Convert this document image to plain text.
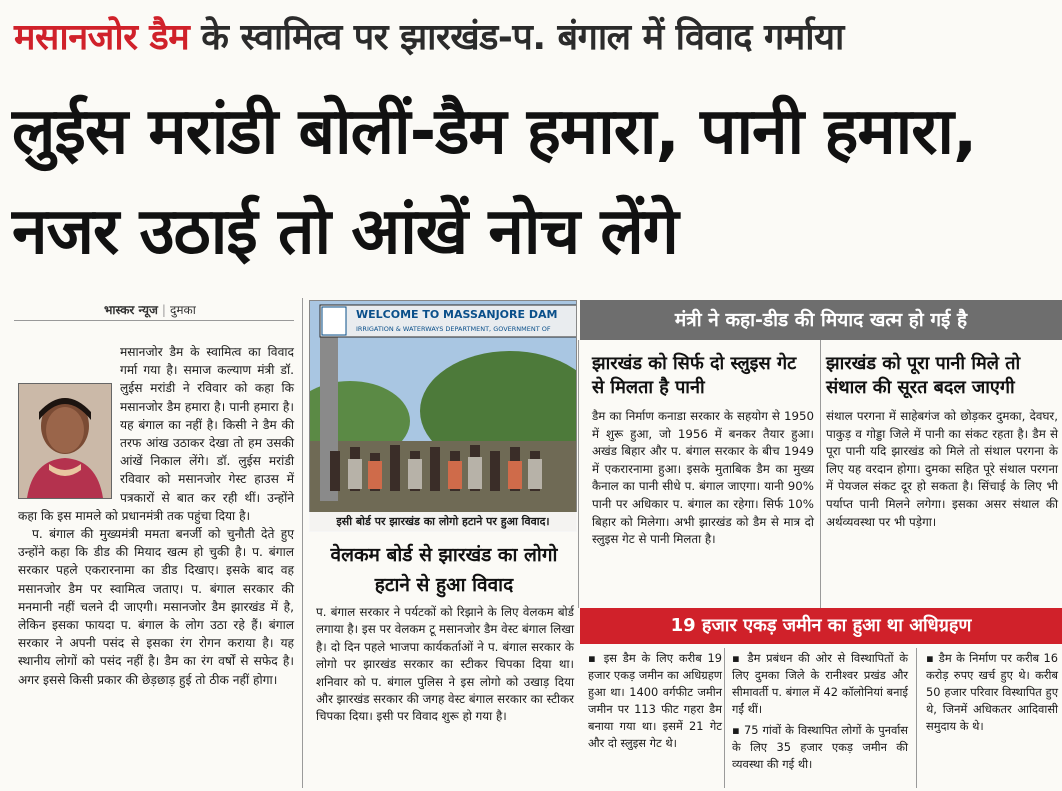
मसानजोर डैम के स्वामित्व पर झारखंड-प. बंगाल में विवाद गर्माया
लुईस मरांडी बोलीं-डैम हमारा, पानी हमारा, नजर उठाई तो आंखें नोच लेंगे
भास्कर न्यूज | दुमका

मसानजोर डैम के स्वामित्व का विवाद गर्मा गया है। समाज कल्याण मंत्री डॉ. लुईस मरांडी ने रविवार को कहा कि मसानजोर डैम हमारा है। पानी हमारा है। यह बंगाल का नहीं है। किसी ने डैम की तरफ आंख उठाकर देखा तो हम उसकी आंखें निकाल लेंगे। डॉ. लुईस मरांडी रविवार को मसानजोर गेस्ट हाउस में पत्रकारों से बात कर रही थीं। उन्होंने कहा कि इस मामले को प्रधानमंत्री तक पहुंचा दिया है।

प. बंगाल की मुख्यमंत्री ममता बनर्जी को चुनौती देते हुए उन्होंने कहा कि डीड की मियाद खत्म हो चुकी है। प. बंगाल सरकार पहले एकरारनामा का डीड दिखाए। इसके बाद वह मसानजोर डैम पर स्वामित्व जताए। प. बंगाल सरकार की मनमानी नहीं चलने दी जाएगी। मसानजोर डैम झारखंड में है, लेकिन इसका फायदा प. बंगाल के लोग उठा रहे हैं। बंगाल सरकार ने अपनी पसंद से इसका रंग रोगन कराया है। यह स्थानीय लोगों को पसंद नहीं है। डैम का रंग वर्षों से सफेद है। अगर इससे किसी प्रकार की छेड़छाड़ हुई तो ठीक नहीं होगा।

WELCOME TO MASSANJORE DAM
IRRIGATION & WATERWAYS DEPARTMENT, GOVERNMENT OF
इसी बोर्ड पर झारखंड का लोगो हटाने पर हुआ विवाद।
वेलकम बोर्ड से झारखंड का लोगो हटाने से हुआ विवाद
प. बंगाल सरकार ने पर्यटकों को रिझाने के लिए वेलकम बोर्ड लगाया है। इस पर वेलकम टू मसानजोर डैम वेस्ट बंगाल लिखा है। दो दिन पहले भाजपा कार्यकर्ताओं ने प. बंगाल सरकार के लोगो पर झारखंड सरकार का स्टीकर चिपका दिया था। शनिवार को प. बंगाल पुलिस ने इस लोगो को उखाड़ दिया और झारखंड सरकार की जगह वेस्ट बंगाल सरकार का स्टीकर चिपका दिया। इसी पर विवाद शुरू हो गया है।
मंत्री ने कहा-डीड की मियाद खत्म हो गई है
झारखंड को सिर्फ दो स्लुइस गेट से मिलता है पानी
डैम का निर्माण कनाडा सरकार के सहयोग से 1950 में शुरू हुआ, जो 1956 में बनकर तैयार हुआ। अखंड बिहार और प. बंगाल सरकार के बीच 1949 में एकरारनामा हुआ। इसके मुताबिक डैम का मुख्य कैनाल का पानी सीधे प. बंगाल जाएगा। यानी 90% पानी पर अधिकार प. बंगाल का रहेगा। सिर्फ 10% बिहार को मिलेगा। अभी झारखंड को डैम से मात्र दो स्लुइस गेट से पानी मिलता है।
झारखंड को पूरा पानी मिले तो संथाल की सूरत बदल जाएगी
संथाल परगना में साहेबगंज को छोड़कर दुमका, देवघर, पाकुड़ व गोड्डा जिले में पानी का संकट रहता है। डैम से पूरा पानी यदि झारखंड को मिले तो संथाल परगना के लिए यह वरदान होगा। दुमका सहित पूरे संथाल परगना में पेयजल संकट दूर हो सकता है। सिंचाई के लिए भी पर्याप्त पानी मिलने लगेगा। इसका असर संथाल की अर्थव्यवस्था पर भी पड़ेगा।
19 हजार एकड़ जमीन का हुआ था अधिग्रहण
▪ इस डैम के लिए करीब 19 हजार एकड़ जमीन का अधिग्रहण हुआ था। 1400 वर्गफीट जमीन जमीन पर 113 फीट गहरा डैम बनाया गया था। इसमें 21 गेट और दो स्लुइस गेट थे।

▪ डैम प्रबंधन की ओर से विस्थापितों के लिए दुमका जिले के रानीश्वर प्रखंड और सीमावर्ती प. बंगाल में 42 कॉलोनियां बनाई गईं थीं।

▪ 75 गांवों के विस्थापित लोगों के पुनर्वास के लिए 35 हजार एकड़ जमीन की व्यवस्था की गई थी।

▪ डैम के निर्माण पर करीब 16 करोड़ रुपए खर्च हुए थे। करीब 50 हजार परिवार विस्थापित हुए थे, जिनमें अधिकतर आदिवासी समुदाय के थे।
